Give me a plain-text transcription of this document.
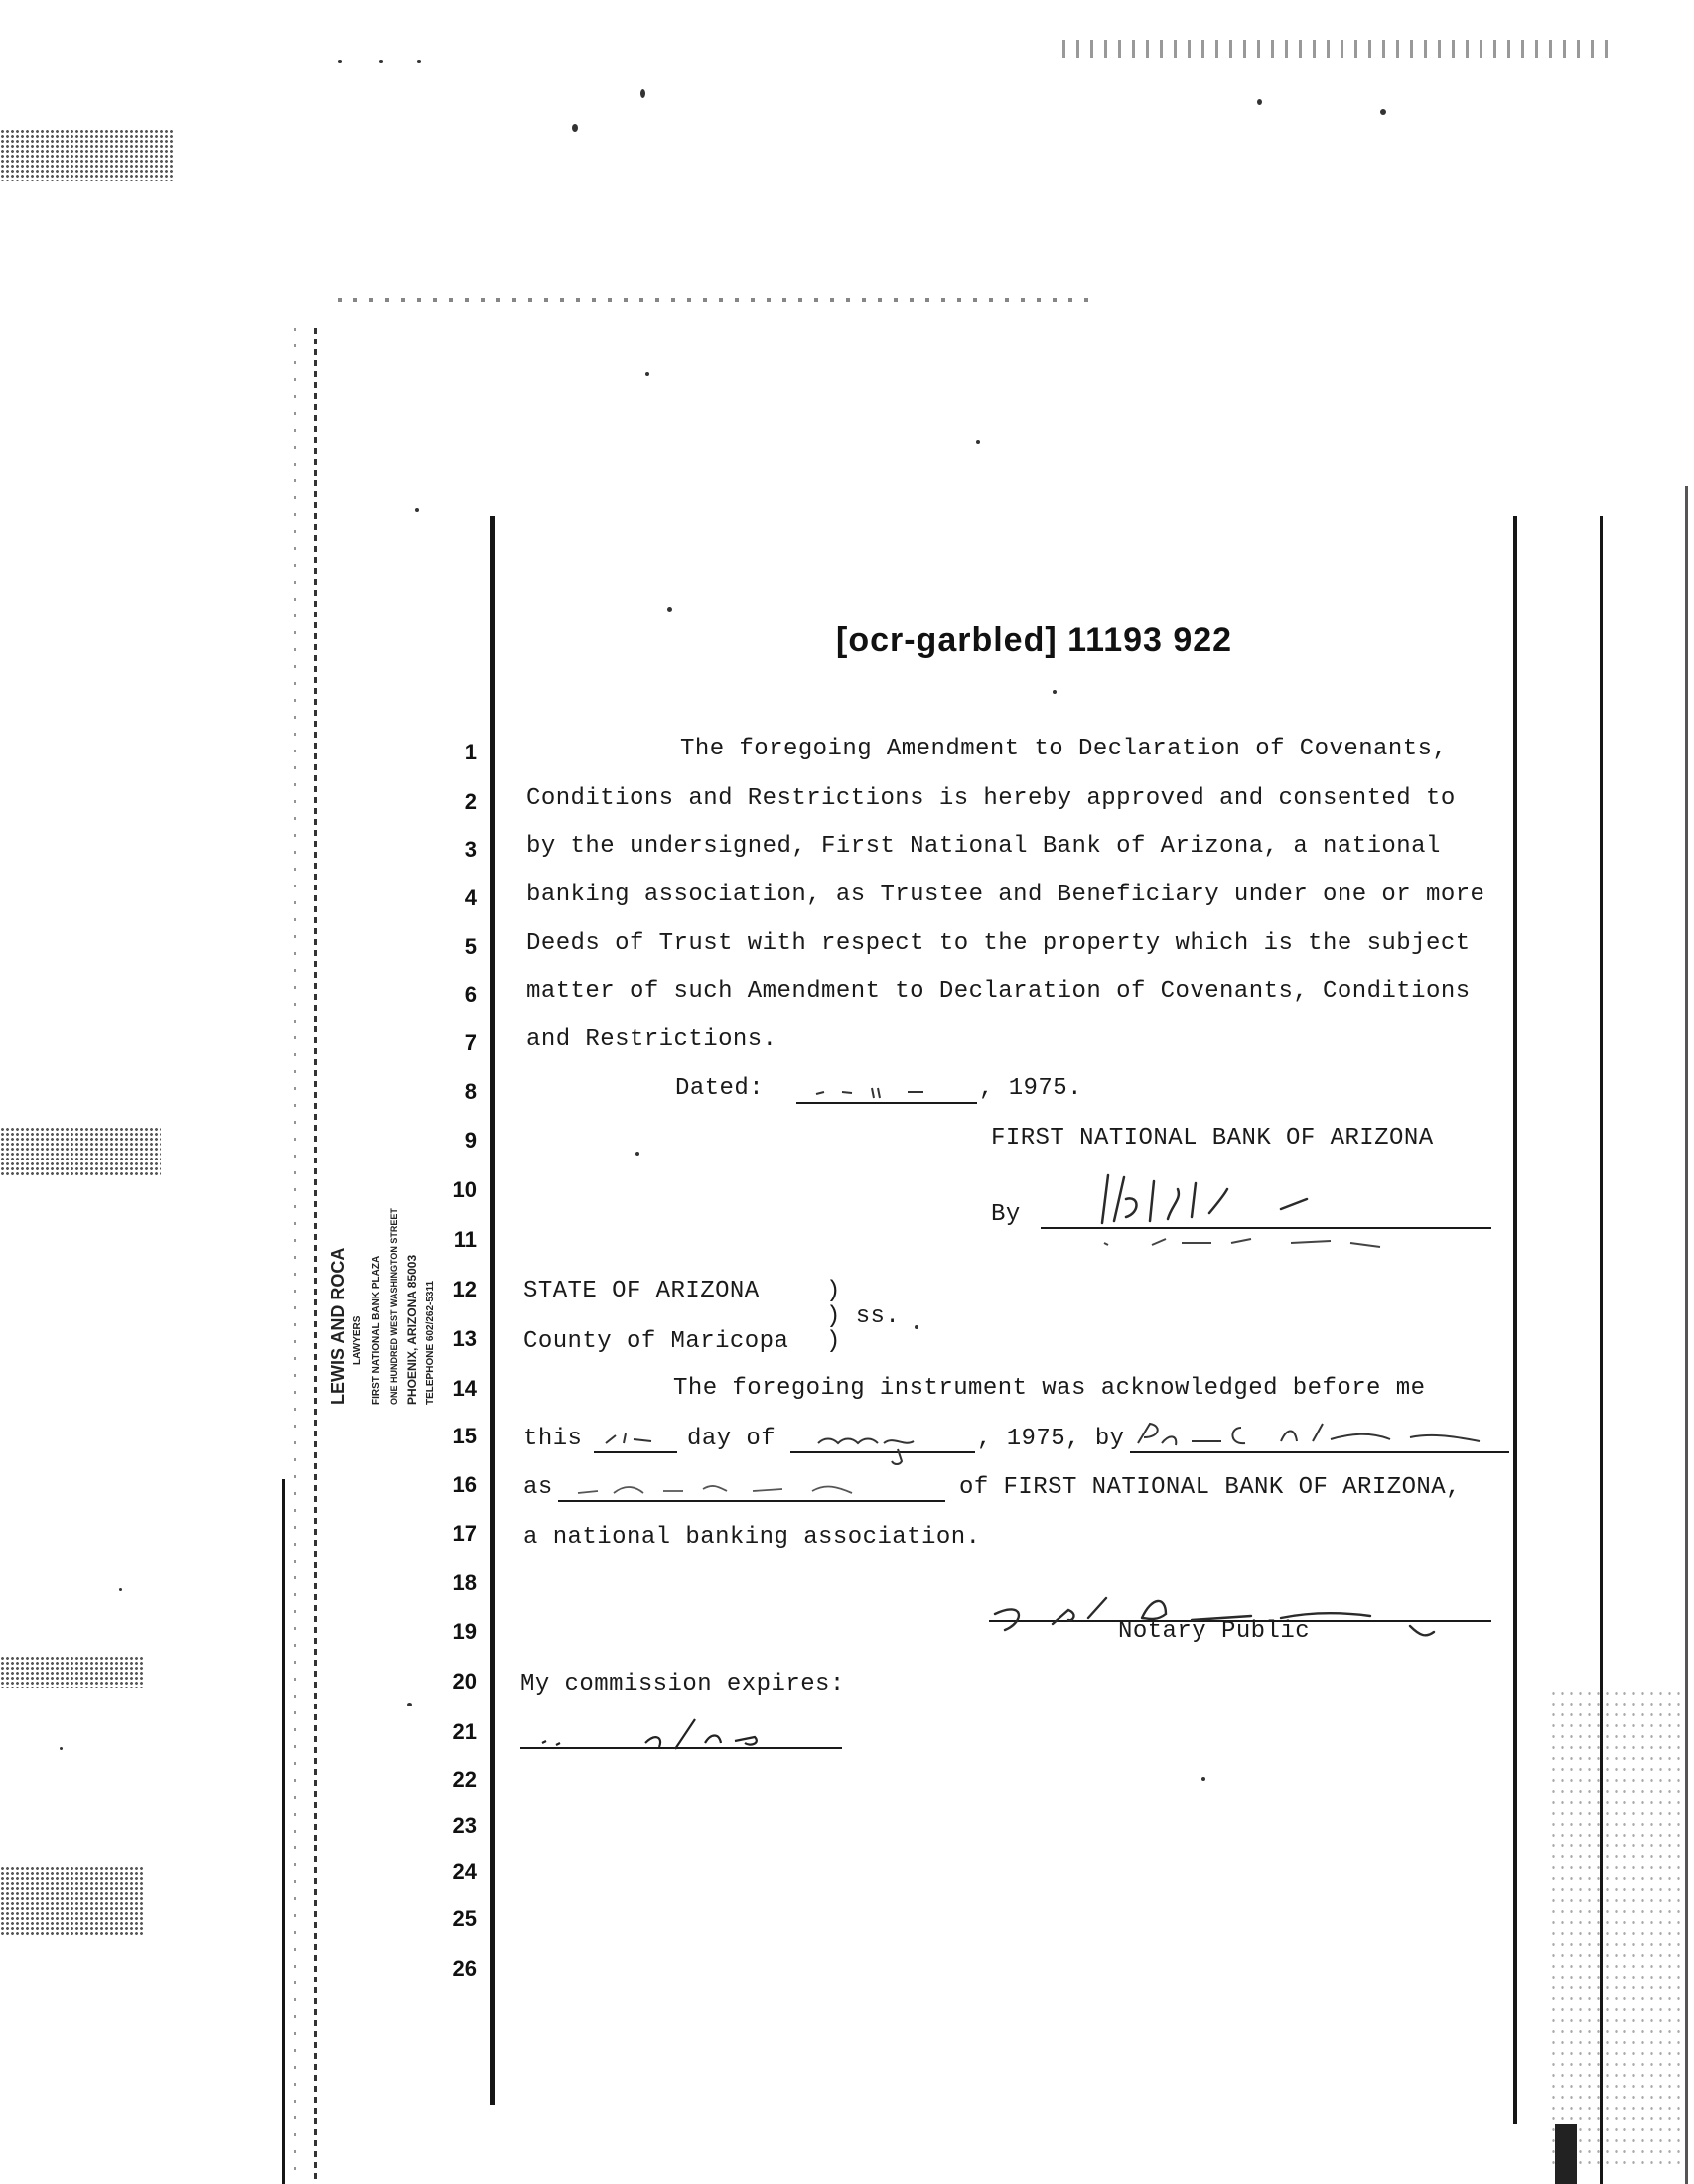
[ocr-garbled] 11193 922
1
2
3
4
5
6
7
8
9
10
11
12
13
14
15
16
17
18
19
20
21
22
23
24
25
26
The foregoing Amendment to Declaration of Covenants,
Conditions and Restrictions is hereby approved and consented to
by the undersigned, First National Bank of Arizona, a national
banking association, as Trustee and Beneficiary under one or more
Deeds of Trust with respect to the property which is the subject
matter of such Amendment to Declaration of Covenants, Conditions
and Restrictions.
Dated:	, 1975.
FIRST NATIONAL BANK OF ARIZONA
By
STATE OF ARIZONA	)
) ss.
County of Maricopa )
The foregoing instrument was acknowledged before me
this	day of	, 1975, by
as	of FIRST NATIONAL BANK OF ARIZONA,
a national banking association.
Notary Public
My commission expires:
LEWIS AND ROCA LAWYERS FIRST NATIONAL BANK PLAZA ONE HUNDRED WEST WASHINGTON STREET PHOENIX, ARIZONA 85003 TELEPHONE 602/262-5311
